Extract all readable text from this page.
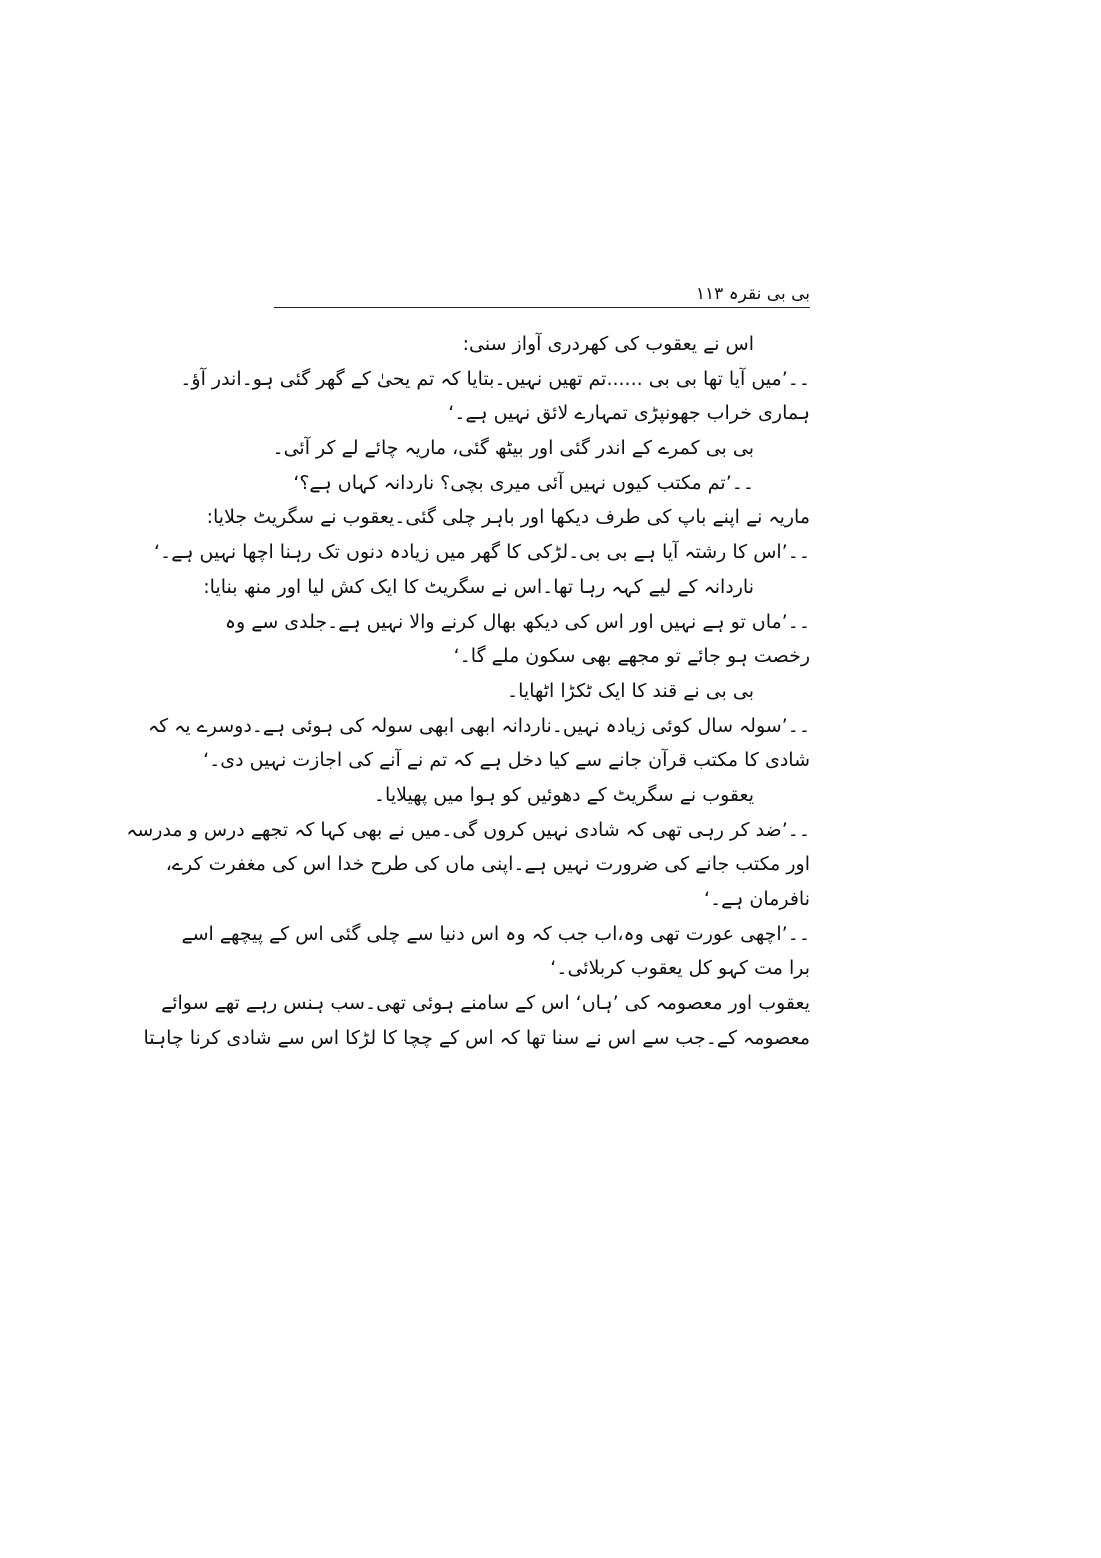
بی بی نقرہ ۱۱۳
اس نے یعقوب کی کھردری آواز سنی:
۔۔’میں آیا تھا بی بی ......تم تھیں نہیں۔بتایا کہ تم یحیٰ کے گھر گئی ہو۔اندر آؤ۔
ہماری خراب جھونپڑی تمہارے لائق نہیں ہے۔‘
بی بی کمرے کے اندر گئی اور بیٹھ گئی، ماریہ چائے لے کر آئی۔
۔۔’تم مکتب کیوں نہیں آئی میری بچی؟ ناردانہ کہاں ہے؟‘
ماریہ نے اپنے باپ کی طرف دیکھا اور باہر چلی گئی۔یعقوب نے سگریٹ جلایا:
۔۔’اس کا رشتہ آیا ہے بی بی۔لڑکی کا گھر میں زیادہ دنوں تک رہنا اچھا نہیں ہے۔‘
ناردانہ کے لیے کہہ رہا تھا۔اس نے سگریٹ کا ایک کش لیا اور منھ بنایا:
۔۔’ماں تو ہے نہیں اور اس کی دیکھ بھال کرنے والا نہیں ہے۔جلدی سے وہ
رخصت ہو جائے تو مجھے بھی سکون ملے گا۔‘
بی بی نے قند کا ایک ٹکڑا اٹھایا۔
۔۔’سولہ سال کوئی زیادہ نہیں۔ناردانہ ابھی ابھی سولہ کی ہوئی ہے۔دوسرے یہ کہ
شادی کا مکتب قرآن جانے سے کیا دخل ہے کہ تم نے آنے کی اجازت نہیں دی۔‘
یعقوب نے سگریٹ کے دھوئیں کو ہوا میں پھیلایا۔
۔۔’ضد کر رہی تھی کہ شادی نہیں کروں گی۔میں نے بھی کہا کہ تجھے درس و مدرسہ
اور مکتب جانے کی ضرورت نہیں ہے۔اپنی ماں کی طرح خدا اس کی مغفرت کرے،
نافرمان ہے۔‘
۔۔’اچھی عورت تھی وہ،اب جب کہ وہ اس دنیا سے چلی گئی اس کے پیچھے اسے
برا مت کہو کل یعقوب کربلائی۔‘
یعقوب اور معصومہ کی ’ہاں‘ اس کے سامنے ہوئی تھی۔سب ہنس رہے تھے سوائے
معصومہ کے۔جب سے اس نے سنا تھا کہ اس کے چچا کا لڑکا اس سے شادی کرنا چاہتا
